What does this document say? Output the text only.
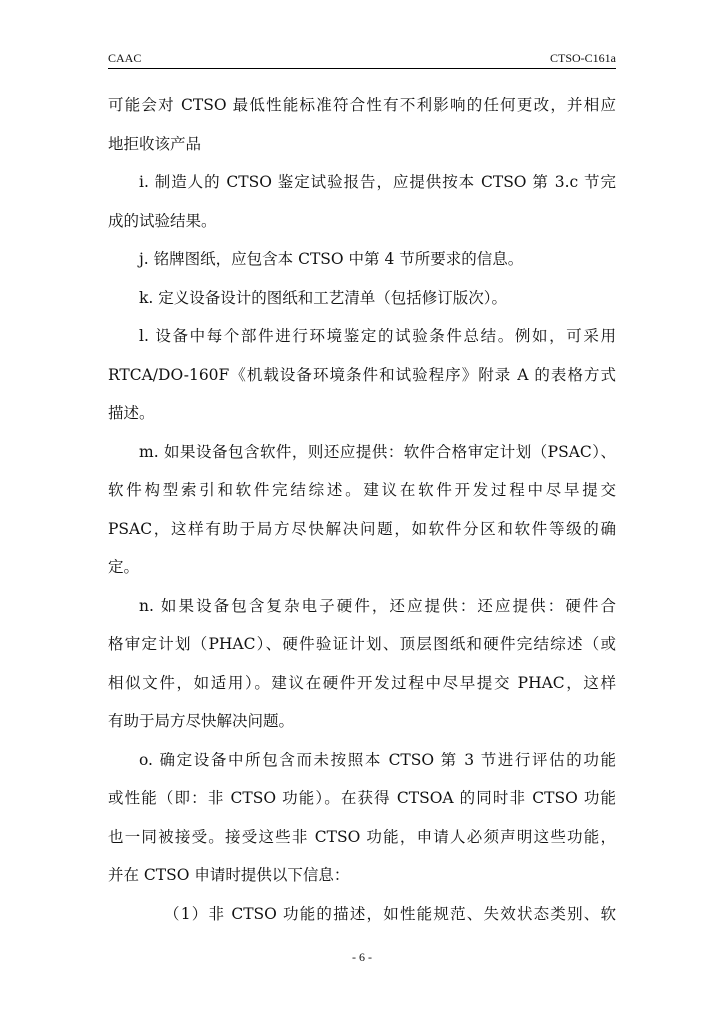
CAAC	CTSO-C161a
可能会对 CTSO 最低性能标准符合性有不利影响的任何更改，并相应
地拒收该产品
i. 制造人的 CTSO 鉴定试验报告，应提供按本 CTSO 第 3.c 节完
成的试验结果。
j. 铭牌图纸，应包含本 CTSO 中第 4 节所要求的信息。
k. 定义设备设计的图纸和工艺清单（包括修订版次）。
l. 设备中每个部件进行环境鉴定的试验条件总结。例如，可采用
RTCA/DO-160F《机载设备环境条件和试验程序》附录 A 的表格方式
描述。
m. 如果设备包含软件，则还应提供：软件合格审定计划（PSAC）、
软件构型索引和软件完结综述。建议在软件开发过程中尽早提交
PSAC，这样有助于局方尽快解决问题，如软件分区和软件等级的确
定。
n. 如果设备包含复杂电子硬件，还应提供：还应提供：硬件合
格审定计划（PHAC）、硬件验证计划、顶层图纸和硬件完结综述（或
相似文件，如适用）。建议在硬件开发过程中尽早提交 PHAC，这样
有助于局方尽快解决问题。
o. 确定设备中所包含而未按照本 CTSO 第 3 节进行评估的功能
或性能（即：非 CTSO 功能）。在获得 CTSOA 的同时非 CTSO 功能
也一同被接受。接受这些非 CTSO 功能，申请人必须声明这些功能，
并在 CTSO 申请时提供以下信息：
（1）非 CTSO 功能的描述，如性能规范、失效状态类别、软
- 6 -
